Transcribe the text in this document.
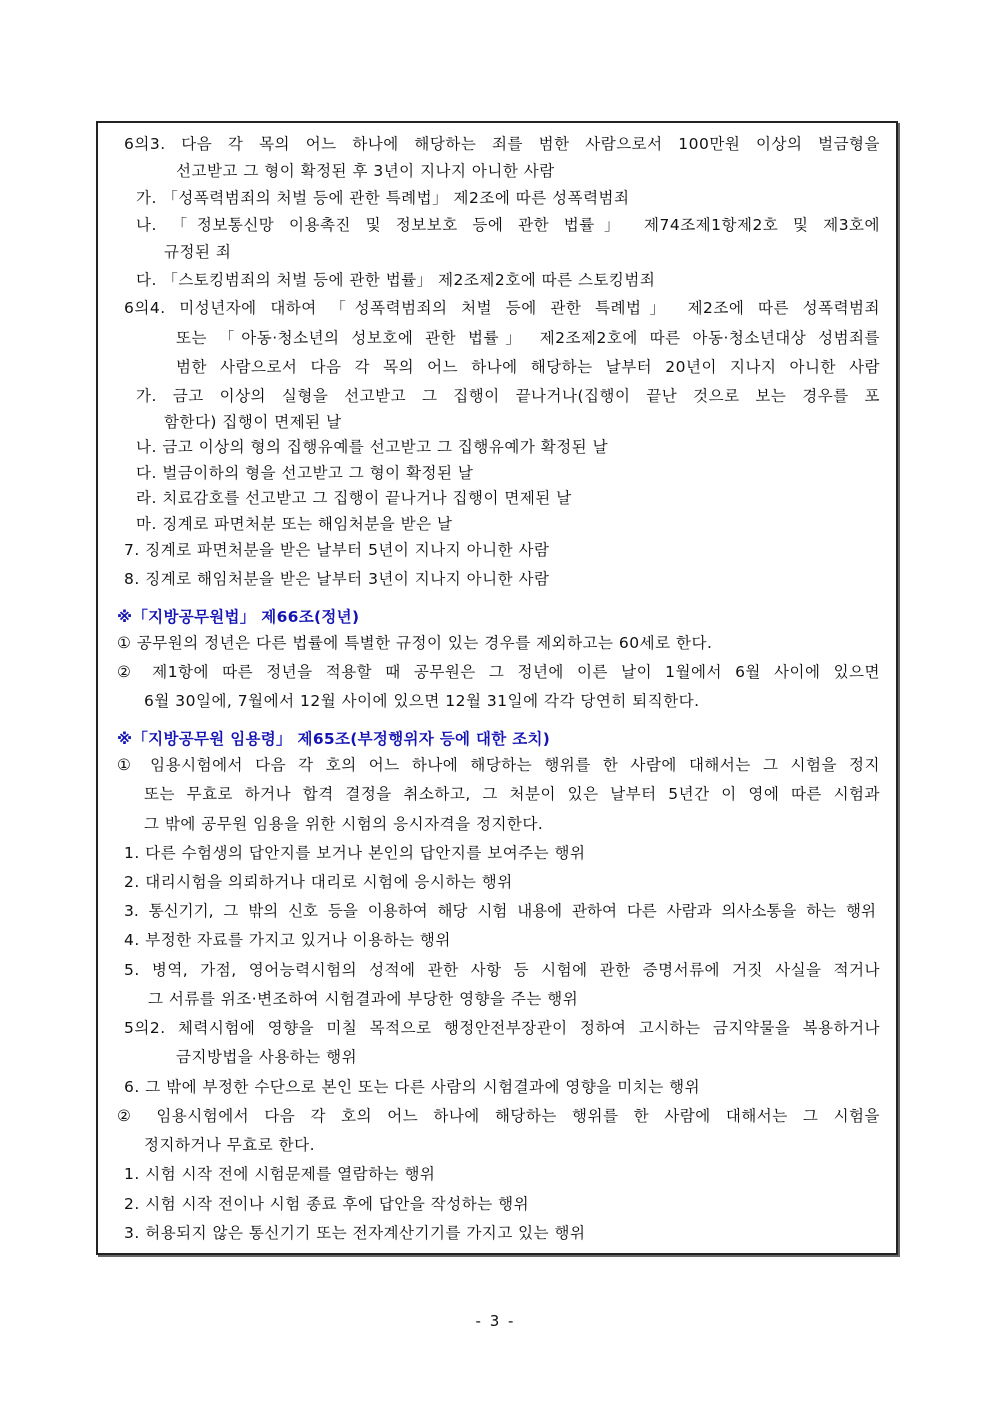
6의3. 다음 각 목의 어느 하나에 해당하는 죄를 범한 사람으로서 100만원 이상의 벌금형을
선고받고 그 형이 확정된 후 3년이 지나지 아니한 사람
가. 「성폭력범죄의 처벌 등에 관한 특례법」 제2조에 따른 성폭력범죄
나. 「정보통신망 이용촉진 및 정보보호 등에 관한 법률」 제74조제1항제2호 및 제3호에
규정된 죄
다. 「스토킹범죄의 처벌 등에 관한 법률」 제2조제2호에 따른 스토킹범죄
6의4. 미성년자에 대하여 「성폭력범죄의 처벌 등에 관한 특례법」 제2조에 따른 성폭력범죄
또는 「아동·청소년의 성보호에 관한 법률」 제2조제2호에 따른 아동·청소년대상 성범죄를
범한 사람으로서 다음 각 목의 어느 하나에 해당하는 날부터 20년이 지나지 아니한 사람
가. 금고 이상의 실형을 선고받고 그 집행이 끝나거나(집행이 끝난 것으로 보는 경우를 포
함한다) 집행이 면제된 날
나. 금고 이상의 형의 집행유예를 선고받고 그 집행유예가 확정된 날
다. 벌금이하의 형을 선고받고 그 형이 확정된 날
라. 치료감호를 선고받고 그 집행이 끝나거나 집행이 면제된 날
마. 징계로 파면처분 또는 해임처분을 받은 날
7. 징계로 파면처분을 받은 날부터 5년이 지나지 아니한 사람
8. 징계로 해임처분을 받은 날부터 3년이 지나지 아니한 사람
※「지방공무원법」 제66조(정년)
① 공무원의 정년은 다른 법률에 특별한 규정이 있는 경우를 제외하고는 60세로 한다.
② 제1항에 따른 정년을 적용할 때 공무원은 그 정년에 이른 날이 1월에서 6월 사이에 있으면
6월 30일에, 7월에서 12월 사이에 있으면 12월 31일에 각각 당연히 퇴직한다.
※「지방공무원 임용령」 제65조(부정행위자 등에 대한 조치)
① 임용시험에서 다음 각 호의 어느 하나에 해당하는 행위를 한 사람에 대해서는 그 시험을 정지
또는 무효로 하거나 합격 결정을 취소하고, 그 처분이 있은 날부터 5년간 이 영에 따른 시험과
그 밖에 공무원 임용을 위한 시험의 응시자격을 정지한다.
1. 다른 수험생의 답안지를 보거나 본인의 답안지를 보여주는 행위
2. 대리시험을 의뢰하거나 대리로 시험에 응시하는 행위
3. 통신기기, 그 밖의 신호 등을 이용하여 해당 시험 내용에 관하여 다른 사람과 의사소통을 하는 행위
4. 부정한 자료를 가지고 있거나 이용하는 행위
5. 병역, 가점, 영어능력시험의 성적에 관한 사항 등 시험에 관한 증명서류에 거짓 사실을 적거나
그 서류를 위조·변조하여 시험결과에 부당한 영향을 주는 행위
5의2. 체력시험에 영향을 미칠 목적으로 행정안전부장관이 정하여 고시하는 금지약물을 복용하거나
금지방법을 사용하는 행위
6. 그 밖에 부정한 수단으로 본인 또는 다른 사람의 시험결과에 영향을 미치는 행위
② 임용시험에서 다음 각 호의 어느 하나에 해당하는 행위를 한 사람에 대해서는 그 시험을
정지하거나 무효로 한다.
1. 시험 시작 전에 시험문제를 열람하는 행위
2. 시험 시작 전이나 시험 종료 후에 답안을 작성하는 행위
3. 허용되지 않은 통신기기 또는 전자계산기기를 가지고 있는 행위
- 3 -
